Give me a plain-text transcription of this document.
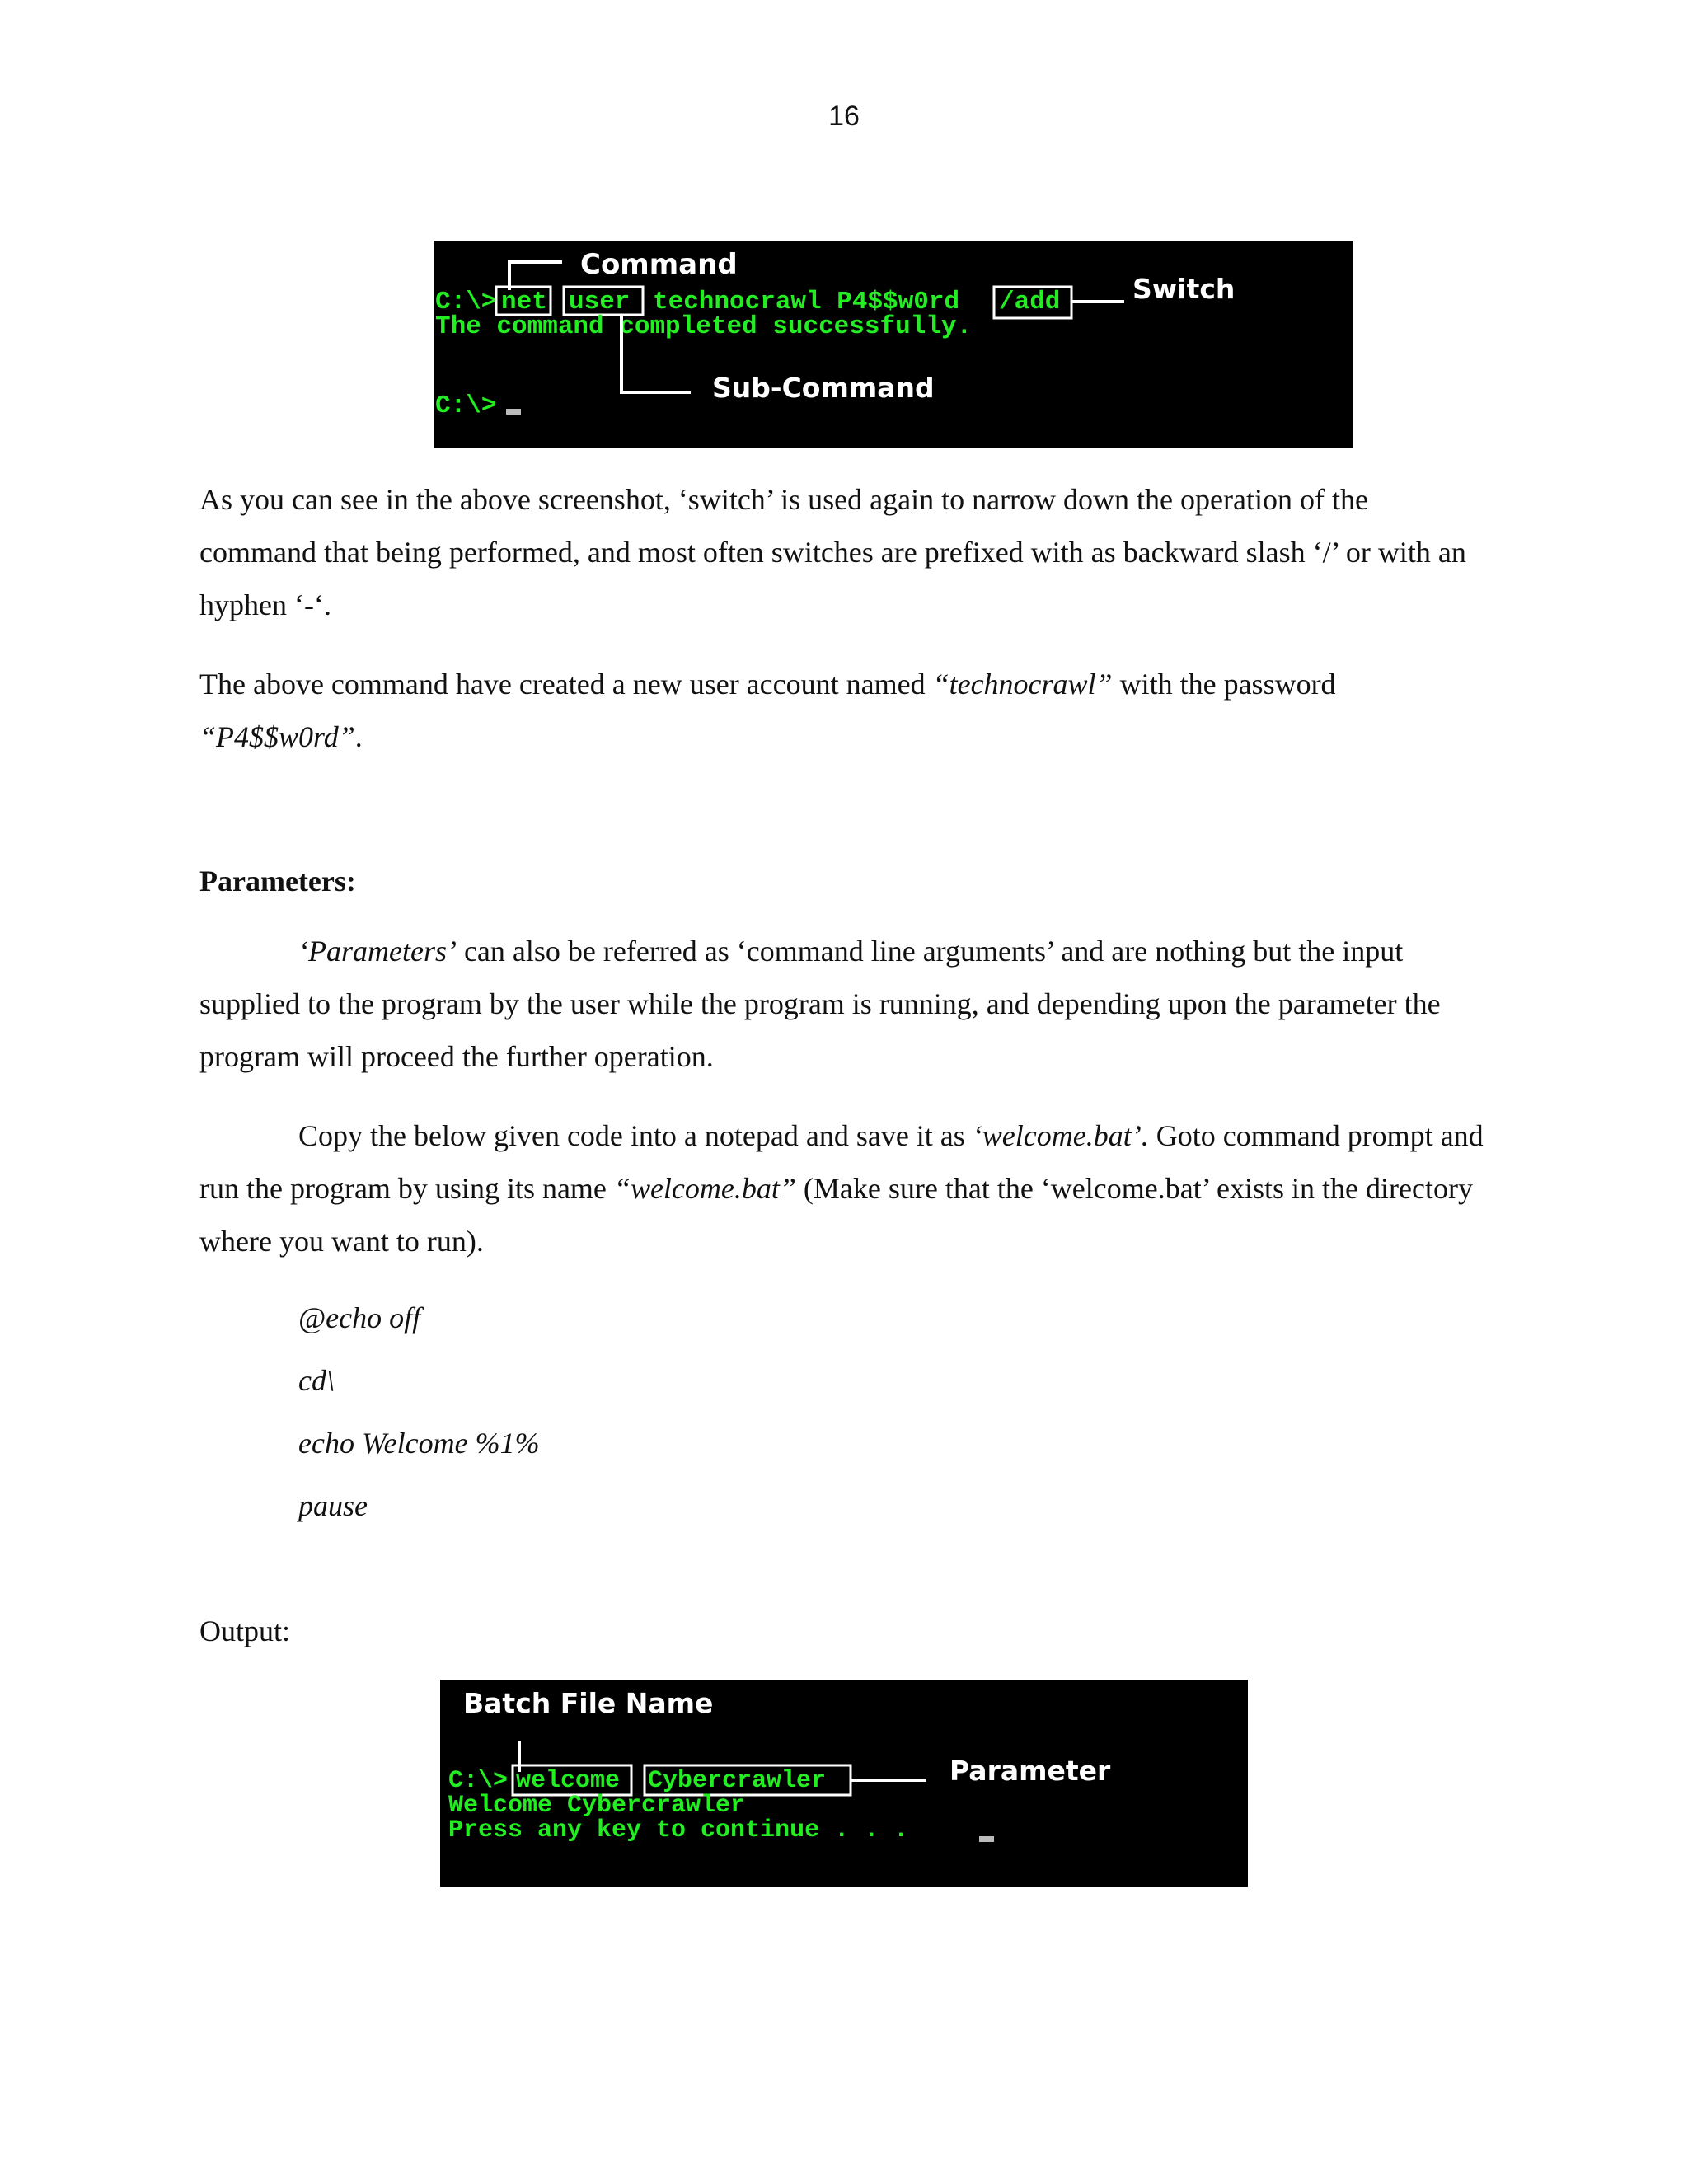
16
Command
C:\> net user technocrawl P4$$w0rd /add	Switch
The command completed successfully.
Sub-Command
C:\>

As you can see in the above screenshot, ‘switch’ is used again to narrow down the operation of the command that being performed, and most often switches are prefixed with as backward slash ‘/’ or with an hyphen ‘-‘.

The above command have created a new user account named “technocrawl” with the password
“P4$$w0rd”.

Parameters:

‘Parameters’ can also be referred as ‘command line arguments’ and are nothing but the input supplied to the program by the user while the program is running, and depending upon the parameter the program will proceed the further operation.

Copy the below given code into a notepad and save it as ‘welcome.bat’. Goto command prompt and run the program by using its name “welcome.bat” (Make sure that the ‘welcome.bat’ exists in the directory where you want to run).

@echo off
cd\
echo Welcome %1%
pause
Output:
Batch File Name
C:\> welcome Cybercrawler	Parameter
Welcome Cybercrawler
Press any key to continue . . .
